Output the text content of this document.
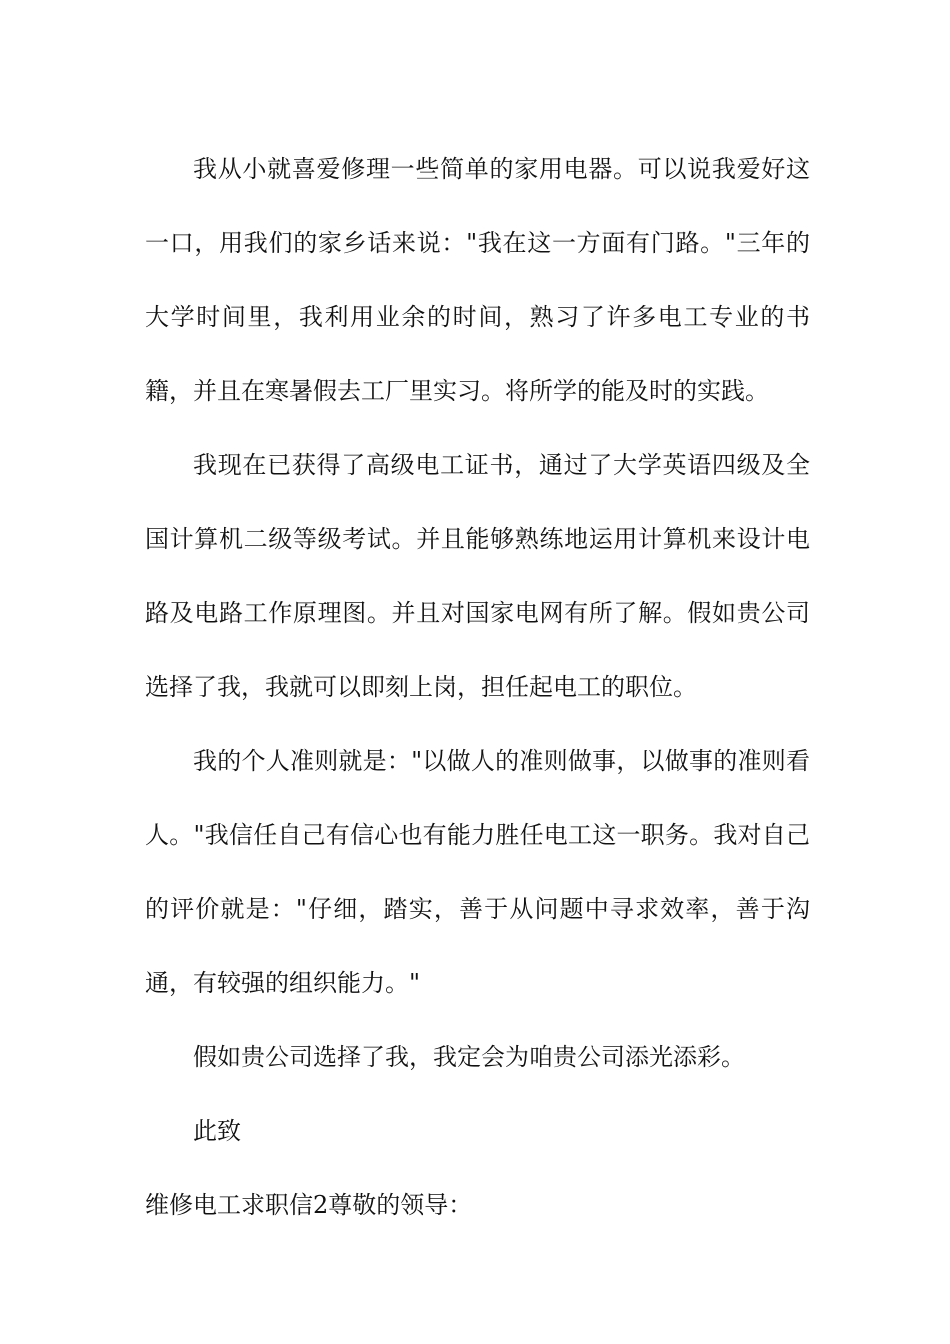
我从小就喜爱修理一些简单的家用电器。可以说我爱好这一口，用我们的家乡话来说："我在这一方面有门路。"三年的大学时间里，我利用业余的时间，熟习了许多电工专业的书籍，并且在寒暑假去工厂里实习。将所学的能及时的实践。

我现在已获得了高级电工证书，通过了大学英语四级及全国计算机二级等级考试。并且能够熟练地运用计算机来设计电路及电路工作原理图。并且对国家电网有所了解。假如贵公司选择了我，我就可以即刻上岗，担任起电工的职位。

我的个人准则就是："以做人的准则做事，以做事的准则看人。"我信任自己有信心也有能力胜任电工这一职务。我对自己的评价就是："仔细，踏实，善于从问题中寻求效率，善于沟通，有较强的组织能力。"

假如贵公司选择了我，我定会为咱贵公司添光添彩。

此致

维修电工求职信2尊敬的领导：
